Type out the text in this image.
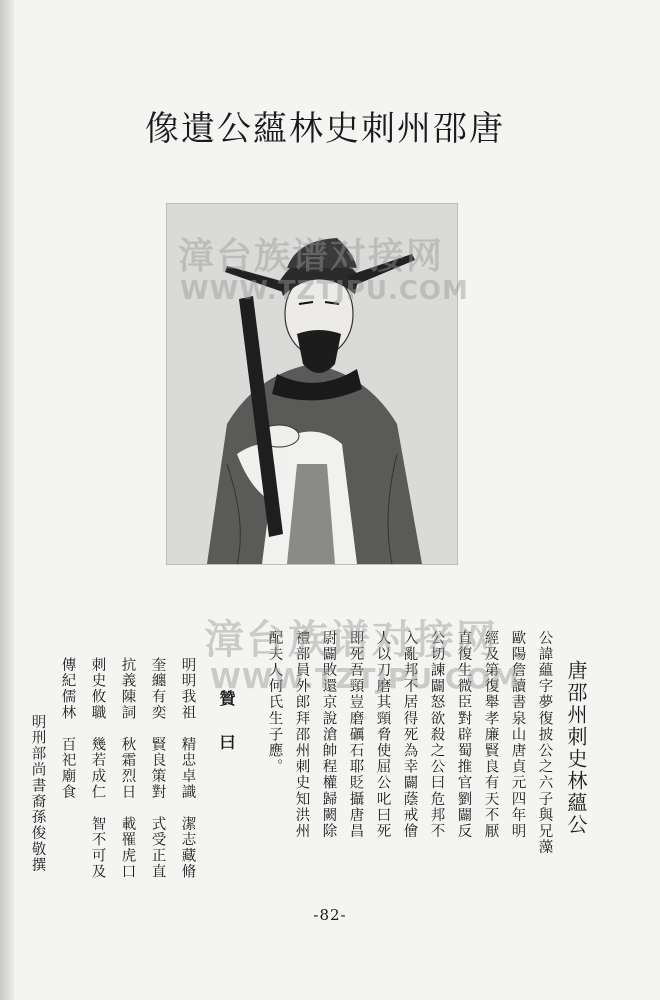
像遺公蘊林史刺州邵唐
漳台族谱对接网
WWW.TZTJPU.COM
唐邵州刺史林蘊公
公諱蘊字夢復披公之六子與兄藻
歐陽詹讀書泉山唐貞元四年明
經及第復舉孝廉賢良有天不厭
直復生微臣對辟蜀推官劉闢反
公切諫闢怒欲殺之公曰危邦不
入亂邦不居得死為幸闢蔭戒儈
人以刀磨其頸脅使屈公叱曰死
即死吾頸豈磨礪石耶貶攝唐昌
尉闢敗還京說滄帥程權歸闕除
禮部員外郎拜邵州刺史知洪州
配夫人何氏生子應。
贊　曰
明明我祖　精忠卓識　潔志藏脩
奎纏有奕　賢良策對　式受正直
抗義陳詞　秋霜烈日　載罹虎口
刺史攸職　幾若成仁　智不可及
傳紀儒林　百祀廟食
明刑部尚書裔孫俊敬撰
漳台族谱对接网
WWW.TZTJPU.COM
-82-
